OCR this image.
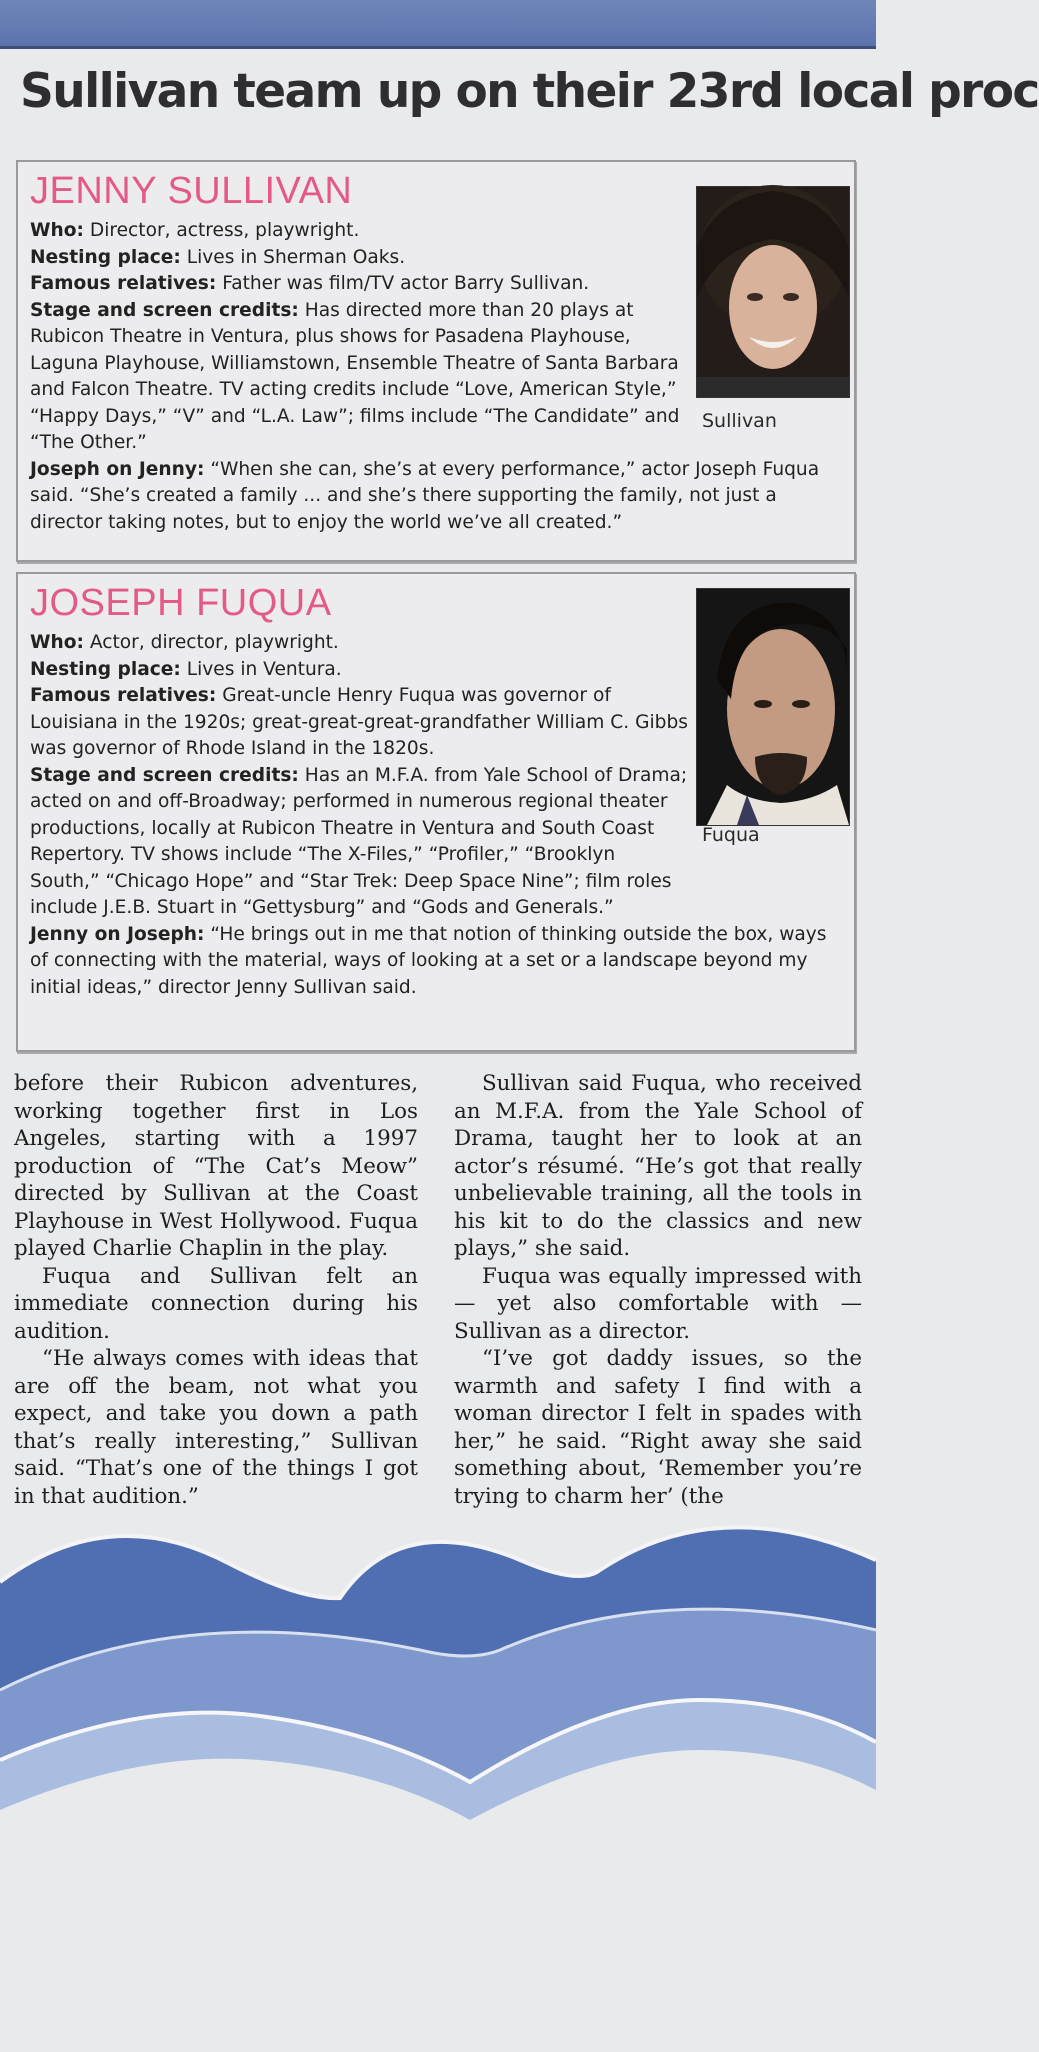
Sullivan team up on their 23rd local proc
JENNY SULLIVAN

Who: Director, actress, playwright.

Nesting place: Lives in Sherman Oaks.

Famous relatives: Father was film/TV actor Barry Sullivan.

Stage and screen credits: Has directed more than 20 plays at Rubicon Theatre in Ventura, plus shows for Pasadena Playhouse, Laguna Playhouse, Williamstown, Ensemble Theatre of Santa Barbara and Falcon Theatre. TV acting credits include “Love, American Style,” “Happy Days,” “V” and “L.A. Law”; films include “The Candidate” and “The Other.”

Joseph on Jenny: “When she can, she’s at every performance,” actor Joseph Fuqua said. “She’s created a family ... and she’s there supporting the family, not just a director taking notes, but to enjoy the world we’ve all created.”

Sullivan
JOSEPH FUQUA

Who: Actor, director, playwright.

Nesting place: Lives in Ventura.

Famous relatives: Great-uncle Henry Fuqua was governor of Louisiana in the 1920s; great-great-great-grandfather William C. Gibbs was governor of Rhode Island in the 1820s.

Stage and screen credits: Has an M.F.A. from Yale School of Drama; acted on and off-Broadway; performed in numerous regional theater productions, locally at Rubicon Theatre in Ventura and South Coast Repertory. TV shows include “The X-Files,” “Profiler,” “Brooklyn South,” “Chicago Hope” and “Star Trek: Deep Space Nine”; film roles include J.E.B. Stuart in “Gettysburg” and “Gods and Generals.”

Jenny on Joseph: “He brings out in me that notion of thinking outside the box, ways of connecting with the material, ways of looking at a set or a landscape beyond my initial ideas,” director Jenny Sullivan said.

Fuqua

before their Rubicon adventures, working together first in Los Angeles, starting with a 1997 production of “The Cat’s Meow” directed by Sullivan at the Coast Playhouse in West Hollywood. Fuqua played Charlie Chaplin in the play.

Fuqua and Sullivan felt an immediate connection during his audition.

“He always comes with ideas that are off the beam, not what you expect, and take you down a path that’s really interesting,” Sullivan said. “That’s one of the things I got in that audition.”

Sullivan said Fuqua, who received an M.F.A. from the Yale School of Drama, taught her to look at an actor’s résumé. “He’s got that really unbelievable training, all the tools in his kit to do the classics and new plays,” she said.

Fuqua was equally impressed with — yet also comfortable with — Sullivan as a director.

“I’ve got daddy issues, so the warmth and safety I find with a woman director I felt in spades with her,” he said. “Right away she said something about, ‘Remember you’re trying to charm her’ (the
